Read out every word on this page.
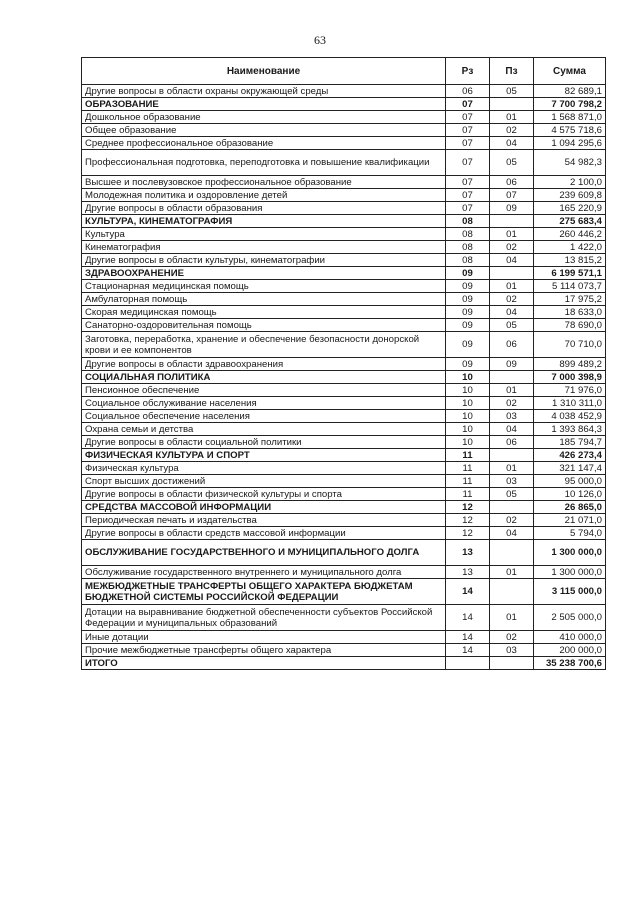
63
Наименование	Рз	Пз	Сумма
Другие вопросы в области охраны окружающей среды	06	05	82 689,1
ОБРАЗОВАНИЕ	07		7 700 798,2
Дошкольное образование	07	01	1 568 871,0
Общее образование	07	02	4 575 718,6
Среднее профессиональное образование	07	04	1 094 295,6
Профессиональная подготовка, переподготовка и повышение квалификации	07	05	54 982,3
Высшее и послевузовское профессиональное образование	07	06	2 100,0
Молодежная политика и оздоровление детей	07	07	239 609,8
Другие вопросы в области образования	07	09	165 220,9
КУЛЬТУРА, КИНЕМАТОГРАФИЯ	08		275 683,4
Культура	08	01	260 446,2
Кинематография	08	02	1 422,0
Другие вопросы в области культуры, кинематографии	08	04	13 815,2
ЗДРАВООХРАНЕНИЕ	09		6 199 571,1
Стационарная медицинская помощь	09	01	5 114 073,7
Амбулаторная помощь	09	02	17 975,2
Скорая медицинская помощь	09	04	18 633,0
Санаторно-оздоровительная помощь	09	05	78 690,0
Заготовка, переработка, хранение и обеспечение безопасности донорской крови и ее компонентов	09	06	70 710,0
Другие вопросы в области здравоохранения	09	09	899 489,2
СОЦИАЛЬНАЯ ПОЛИТИКА	10		7 000 398,9
Пенсионное обеспечение	10	01	71 976,0
Социальное обслуживание населения	10	02	1 310 311,0
Социальное обеспечение населения	10	03	4 038 452,9
Охрана семьи и детства	10	04	1 393 864,3
Другие вопросы в области социальной политики	10	06	185 794,7
ФИЗИЧЕСКАЯ КУЛЬТУРА И СПОРТ	11		426 273,4
Физическая культура	11	01	321 147,4
Спорт высших достижений	11	03	95 000,0
Другие вопросы в области физической культуры и спорта	11	05	10 126,0
СРЕДСТВА МАССОВОЙ ИНФОРМАЦИИ	12		26 865,0
Периодическая печать и издательства	12	02	21 071,0
Другие вопросы в области средств массовой информации	12	04	5 794,0
ОБСЛУЖИВАНИЕ ГОСУДАРСТВЕННОГО И МУНИЦИПАЛЬНОГО ДОЛГА	13		1 300 000,0
Обслуживание государственного внутреннего и муниципального долга	13	01	1 300 000,0
МЕЖБЮДЖЕТНЫЕ ТРАНСФЕРТЫ ОБЩЕГО ХАРАКТЕРА БЮДЖЕТАМ БЮДЖЕТНОЙ СИСТЕМЫ РОССИЙСКОЙ ФЕДЕРАЦИИ	14		3 115 000,0
Дотации на выравнивание бюджетной обеспеченности субъектов Российской Федерации и муниципальных образований	14	01	2 505 000,0
Иные дотации	14	02	410 000,0
Прочие межбюджетные трансферты общего характера	14	03	200 000,0
ИТОГО			35 238 700,6
